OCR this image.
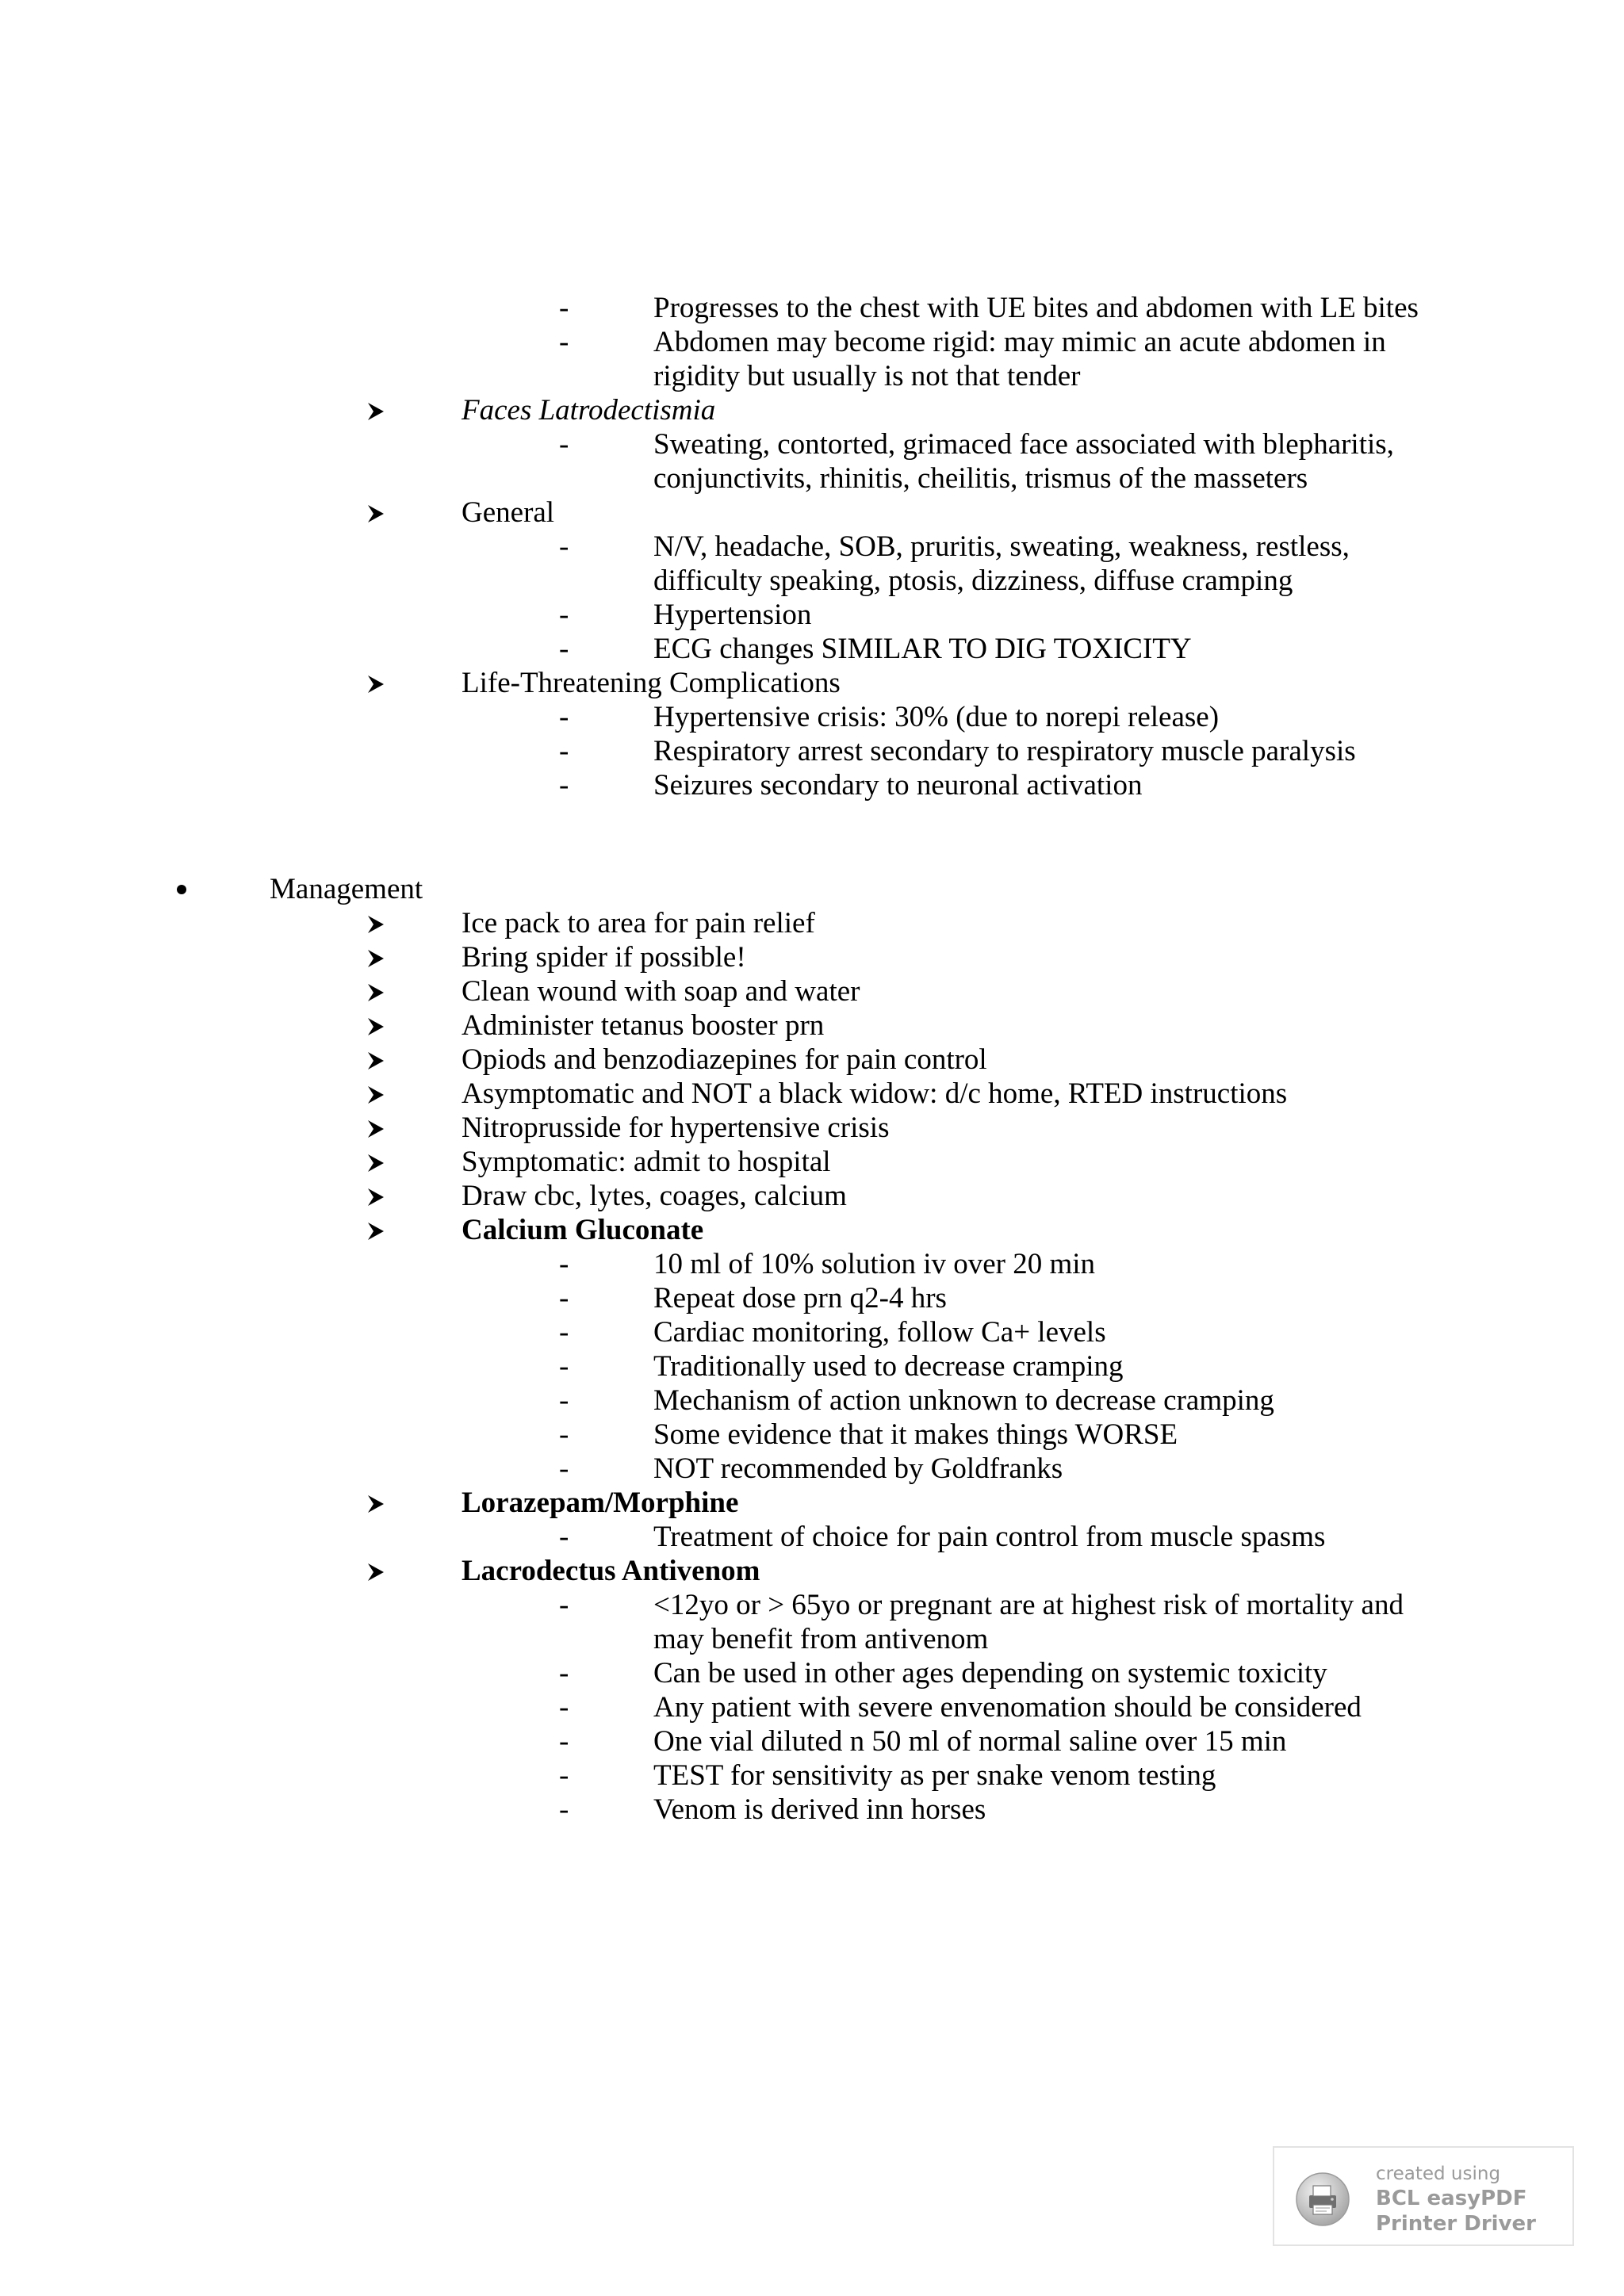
-	Progresses to the chest with UE bites and abdomen with LE bites
-	Abdomen may become rigid: may mimic an acute abdomen in
rigidity but usually is not that tender
Faces Latrodectismia
-	Sweating, contorted, grimaced face associated with blepharitis,
conjunctivits, rhinitis, cheilitis, trismus of the masseters
General
-	N/V, headache, SOB, pruritis, sweating, weakness, restless,
difficulty speaking, ptosis, dizziness, diffuse cramping
-	Hypertension
-	ECG changes SIMILAR TO DIG TOXICITY
Life-Threatening Complications
-	Hypertensive crisis: 30% (due to norepi release)
-	Respiratory arrest secondary to respiratory muscle paralysis
-	Seizures secondary to neuronal activation
Management
Ice pack to area for pain relief
Bring spider if possible!
Clean wound with soap and water
Administer tetanus booster prn
Opiods and benzodiazepines for pain control
Asymptomatic and NOT a black widow: d/c home, RTED instructions
Nitroprusside for hypertensive crisis
Symptomatic: admit to hospital
Draw cbc, lytes, coages, calcium
Calcium Gluconate
-	10 ml of 10% solution iv over 20 min
-	Repeat dose prn q2-4 hrs
-	Cardiac monitoring, follow Ca+ levels
-	Traditionally used to decrease cramping
-	Mechanism of action unknown to decrease cramping
-	Some evidence that it makes things WORSE
-	NOT recommended by Goldfranks
Lorazepam/Morphine
-	Treatment of choice for pain control from muscle spasms
Lacrodectus Antivenom
-	<12yo or > 65yo or pregnant are at highest risk of mortality and
may benefit from antivenom
-	Can be used in other ages depending on systemic toxicity
-	Any patient with severe envenomation should be considered
-	One vial diluted n 50 ml of normal saline over 15 min
-	TEST for sensitivity as per snake venom testing
-	Venom is derived inn horses
created using
BCL easyPDF
Printer Driver
